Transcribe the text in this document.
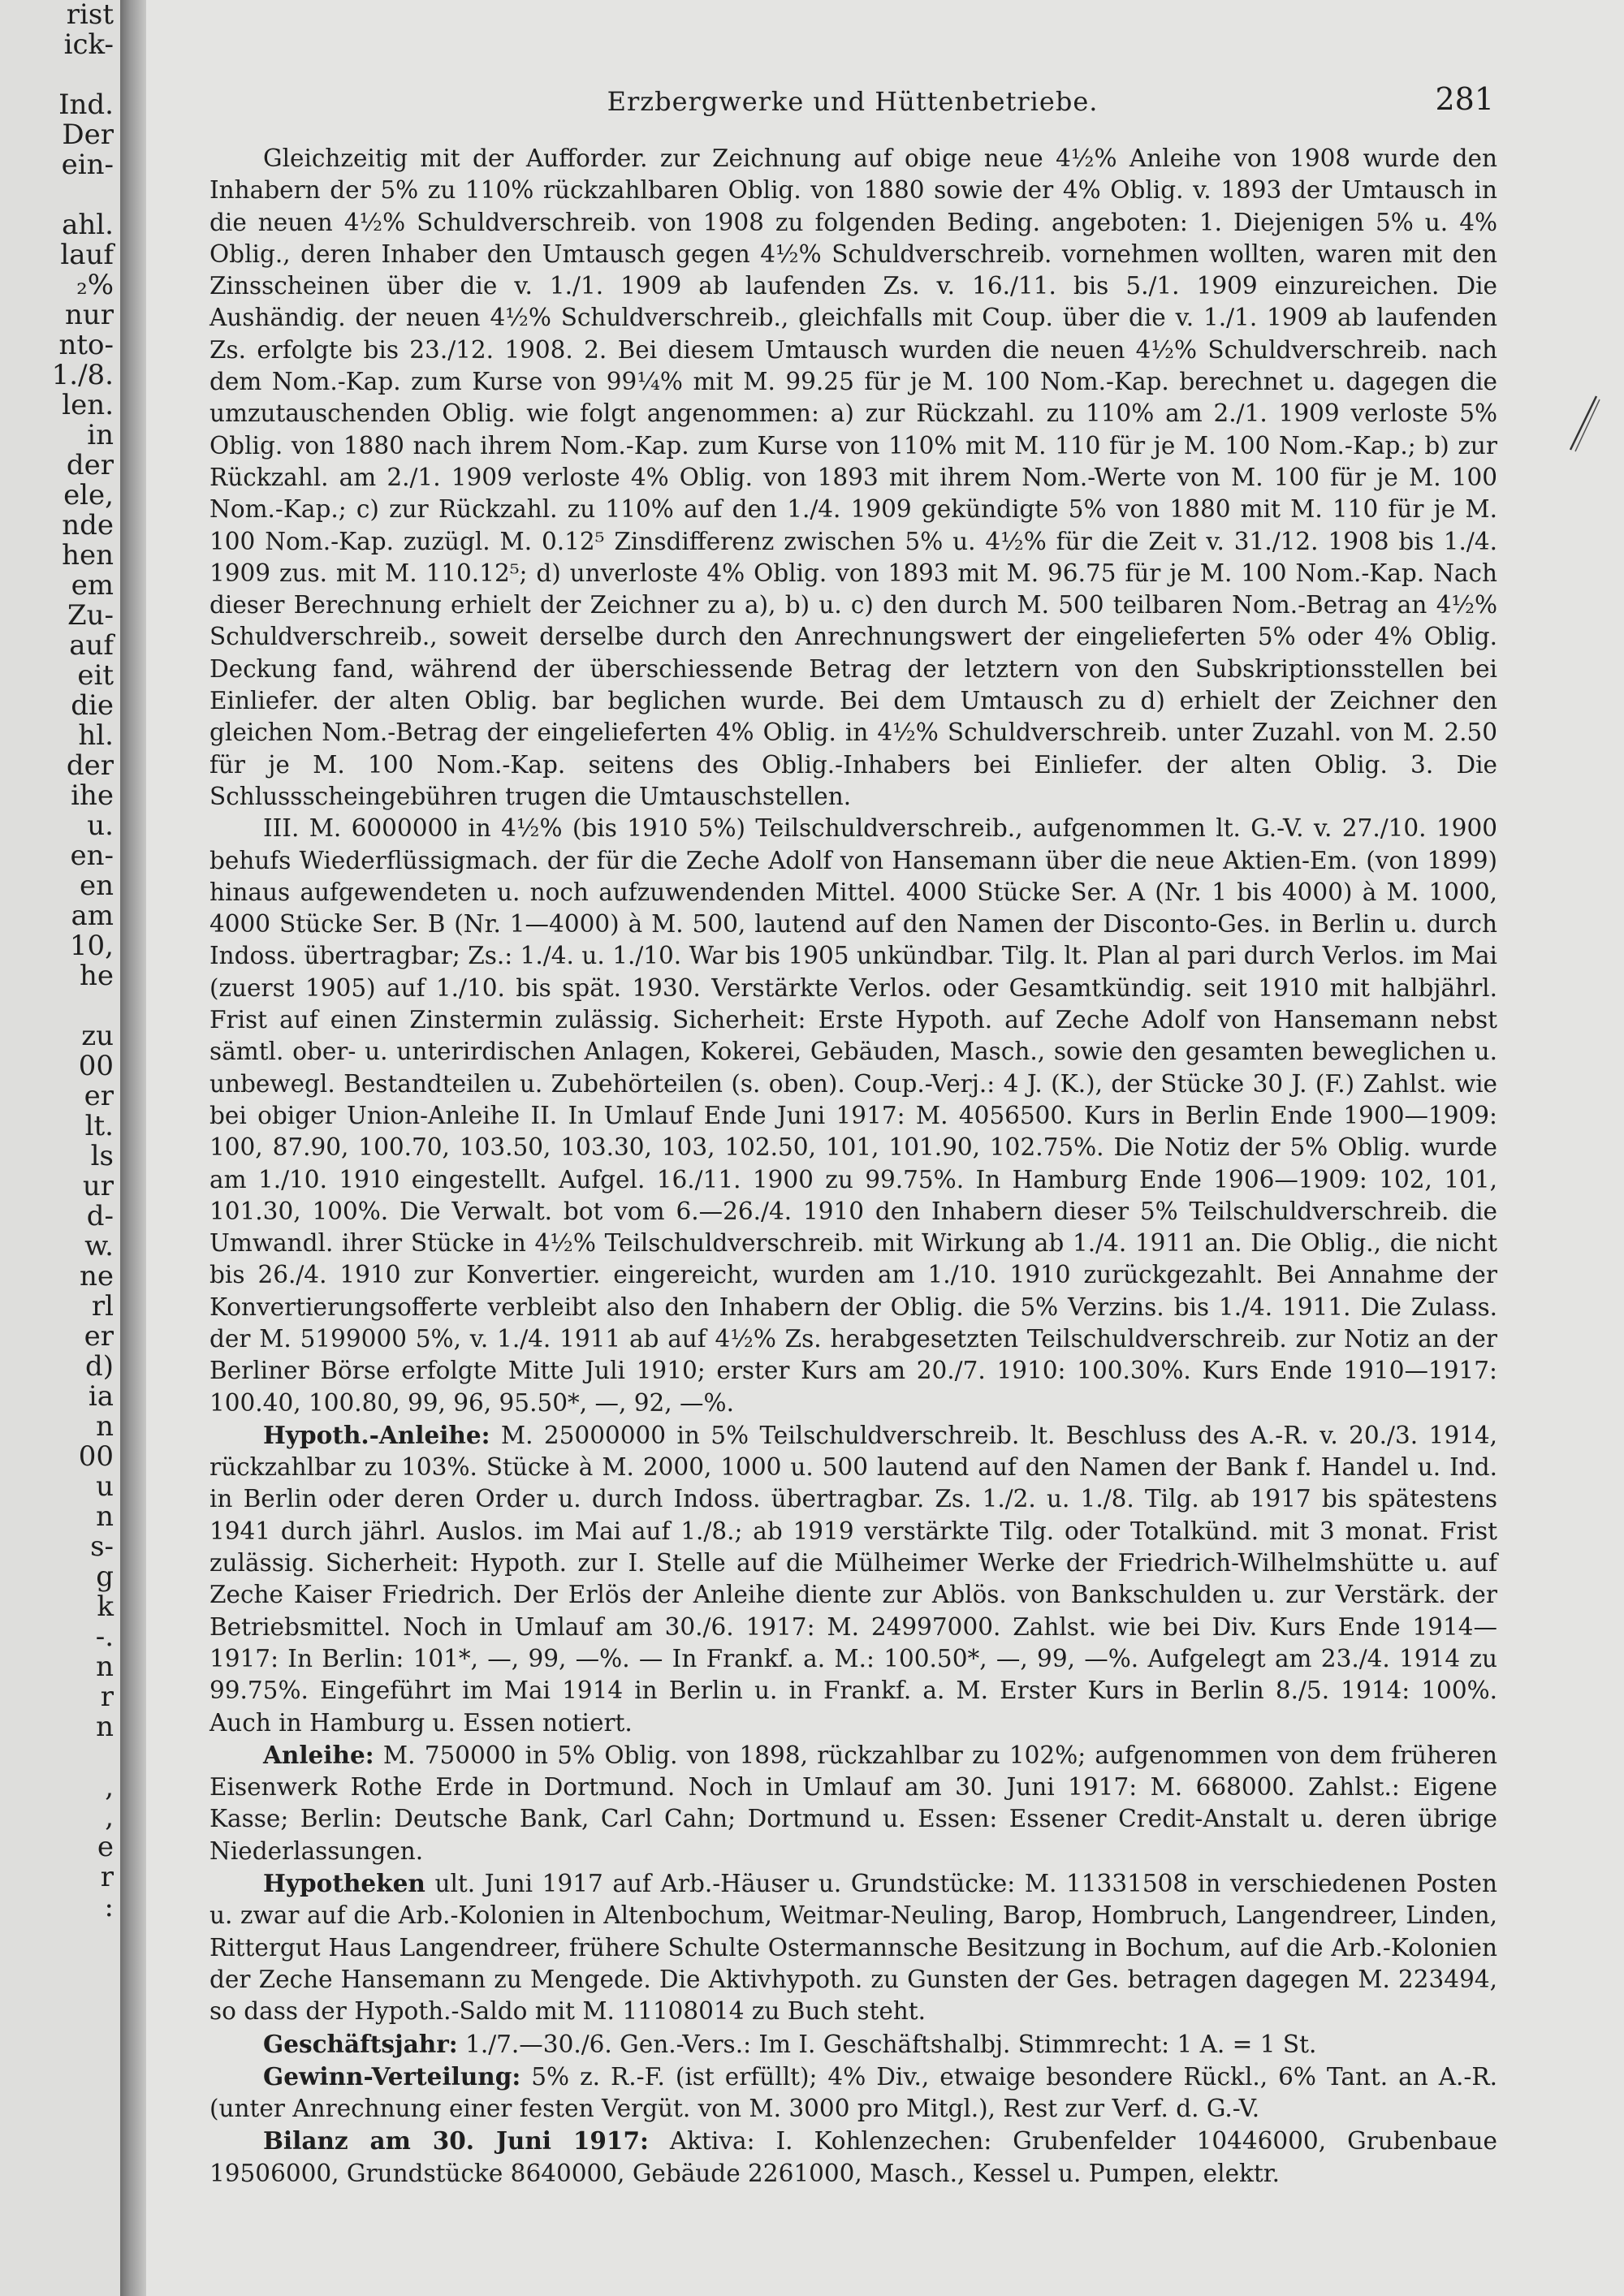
rist
ick-

Ind.
Der
ein-

ahl.
lauf
₂%
nur
nto-
1./8.
len.
in
der
ele,
nde
hen
em
Zu-
auf
eit
die
hl.
der
ihe
u.
en-
en
am
10,
he

zu
00
er
lt.
ls
ur
d-
w.
ne
rl
er
d)
ia
n
00
u
n
s-
g
k
-.
n
r
n

,
,
e
r
:
Erzbergwerke und Hüttenbetriebe.	281

Gleichzeitig mit der Aufforder. zur Zeichnung auf obige neue 4½% Anleihe von 1908 wurde den Inhabern der 5% zu 110% rückzahlbaren Oblig. von 1880 sowie der 4% Oblig. v. 1893 der Umtausch in die neuen 4½% Schuldverschreib. von 1908 zu folgenden Beding. angeboten: 1. Diejenigen 5% u. 4% Oblig., deren Inhaber den Umtausch gegen 4½% Schuldverschreib. vornehmen wollten, waren mit den Zinsscheinen über die v. 1./1. 1909 ab laufenden Zs. v. 16./11. bis 5./1. 1909 einzureichen. Die Aushändig. der neuen 4½% Schuldverschreib., gleichfalls mit Coup. über die v. 1./1. 1909 ab laufenden Zs. erfolgte bis 23./12. 1908. 2. Bei diesem Umtausch wurden die neuen 4½% Schuldverschreib. nach dem Nom.-Kap. zum Kurse von 99¼% mit M. 99.25 für je M. 100 Nom.-Kap. berechnet u. dagegen die umzutauschenden Oblig. wie folgt angenommen: a) zur Rückzahl. zu 110% am 2./1. 1909 verloste 5% Oblig. von 1880 nach ihrem Nom.-Kap. zum Kurse von 110% mit M. 110 für je M. 100 Nom.-Kap.; b) zur Rückzahl. am 2./1. 1909 verloste 4% Oblig. von 1893 mit ihrem Nom.-Werte von M. 100 für je M. 100 Nom.-Kap.; c) zur Rückzahl. zu 110% auf den 1./4. 1909 gekündigte 5% von 1880 mit M. 110 für je M. 100 Nom.-Kap. zuzügl. M. 0.12⁵ Zinsdifferenz zwischen 5% u. 4½% für die Zeit v. 31./12. 1908 bis 1./4. 1909 zus. mit M. 110.12⁵; d) unverloste 4% Oblig. von 1893 mit M. 96.75 für je M. 100 Nom.-Kap. Nach dieser Berechnung erhielt der Zeichner zu a), b) u. c) den durch M. 500 teilbaren Nom.-Betrag an 4½% Schuldverschreib., soweit derselbe durch den Anrechnungswert der eingelieferten 5% oder 4% Oblig. Deckung fand, während der überschiessende Betrag der letztern von den Subskriptionsstellen bei Einliefer. der alten Oblig. bar beglichen wurde. Bei dem Umtausch zu d) erhielt der Zeichner den gleichen Nom.-Betrag der eingelieferten 4% Oblig. in 4½% Schuldverschreib. unter Zuzahl. von M. 2.50 für je M. 100 Nom.-Kap. seitens des Oblig.-Inhabers bei Einliefer. der alten Oblig. 3. Die Schlussscheingebühren trugen die Umtauschstellen.

III. M. 6000000 in 4½% (bis 1910 5%) Teilschuldverschreib., aufgenommen lt. G.-V. v. 27./10. 1900 behufs Wiederflüssigmach. der für die Zeche Adolf von Hansemann über die neue Aktien-Em. (von 1899) hinaus aufgewendeten u. noch aufzuwendenden Mittel. 4000 Stücke Ser. A (Nr. 1 bis 4000) à M. 1000, 4000 Stücke Ser. B (Nr. 1—4000) à M. 500, lautend auf den Namen der Disconto-Ges. in Berlin u. durch Indoss. übertragbar; Zs.: 1./4. u. 1./10. War bis 1905 unkündbar. Tilg. lt. Plan al pari durch Verlos. im Mai (zuerst 1905) auf 1./10. bis spät. 1930. Verstärkte Verlos. oder Gesamtkündig. seit 1910 mit halbjährl. Frist auf einen Zinstermin zulässig. Sicherheit: Erste Hypoth. auf Zeche Adolf von Hansemann nebst sämtl. ober- u. unterirdischen Anlagen, Kokerei, Gebäuden, Masch., sowie den gesamten beweglichen u. unbewegl. Bestandteilen u. Zubehörteilen (s. oben). Coup.-Verj.: 4 J. (K.), der Stücke 30 J. (F.) Zahlst. wie bei obiger Union-Anleihe II. In Umlauf Ende Juni 1917: M. 4056500. Kurs in Berlin Ende 1900—1909: 100, 87.90, 100.70, 103.50, 103.30, 103, 102.50, 101, 101.90, 102.75%. Die Notiz der 5% Oblig. wurde am 1./10. 1910 eingestellt. Aufgel. 16./11. 1900 zu 99.75%. In Hamburg Ende 1906—1909: 102, 101, 101.30, 100%. Die Verwalt. bot vom 6.—26./4. 1910 den Inhabern dieser 5% Teilschuldverschreib. die Umwandl. ihrer Stücke in 4½% Teilschuldverschreib. mit Wirkung ab 1./4. 1911 an. Die Oblig., die nicht bis 26./4. 1910 zur Konvertier. eingereicht, wurden am 1./10. 1910 zurückgezahlt. Bei Annahme der Konvertierungsofferte verbleibt also den Inhabern der Oblig. die 5% Verzins. bis 1./4. 1911. Die Zulass. der M. 5199000 5%, v. 1./4. 1911 ab auf 4½% Zs. herabgesetzten Teilschuldverschreib. zur Notiz an der Berliner Börse erfolgte Mitte Juli 1910; erster Kurs am 20./7. 1910: 100.30%. Kurs Ende 1910—1917: 100.40, 100.80, 99, 96, 95.50*, —, 92, —%.

Hypoth.-Anleihe: M. 25000000 in 5% Teilschuldverschreib. lt. Beschluss des A.-R. v. 20./3. 1914, rückzahlbar zu 103%. Stücke à M. 2000, 1000 u. 500 lautend auf den Namen der Bank f. Handel u. Ind. in Berlin oder deren Order u. durch Indoss. übertragbar. Zs. 1./2. u. 1./8. Tilg. ab 1917 bis spätestens 1941 durch jährl. Auslos. im Mai auf 1./8.; ab 1919 verstärkte Tilg. oder Totalkünd. mit 3 monat. Frist zulässig. Sicherheit: Hypoth. zur I. Stelle auf die Mülheimer Werke der Friedrich-Wilhelmshütte u. auf Zeche Kaiser Friedrich. Der Erlös der Anleihe diente zur Ablös. von Bankschulden u. zur Verstärk. der Betriebsmittel. Noch in Umlauf am 30./6. 1917: M. 24997000. Zahlst. wie bei Div. Kurs Ende 1914—1917: In Berlin: 101*, —, 99, —%. — In Frankf. a. M.: 100.50*, —, 99, —%. Aufgelegt am 23./4. 1914 zu 99.75%. Eingeführt im Mai 1914 in Berlin u. in Frankf. a. M. Erster Kurs in Berlin 8./5. 1914: 100%. Auch in Hamburg u. Essen notiert.

Anleihe: M. 750000 in 5% Oblig. von 1898, rückzahlbar zu 102%; aufgenommen von dem früheren Eisenwerk Rothe Erde in Dortmund. Noch in Umlauf am 30. Juni 1917: M. 668000. Zahlst.: Eigene Kasse; Berlin: Deutsche Bank, Carl Cahn; Dortmund u. Essen: Essener Credit-Anstalt u. deren übrige Niederlassungen.

Hypotheken ult. Juni 1917 auf Arb.-Häuser u. Grundstücke: M. 11331508 in verschiedenen Posten u. zwar auf die Arb.-Kolonien in Altenbochum, Weitmar-Neuling, Barop, Hombruch, Langendreer, Linden, Rittergut Haus Langendreer, frühere Schulte Ostermannsche Besitzung in Bochum, auf die Arb.-Kolonien der Zeche Hansemann zu Mengede. Die Aktivhypoth. zu Gunsten der Ges. betragen dagegen M. 223494, so dass der Hypoth.-Saldo mit M. 11108014 zu Buch steht.

Geschäftsjahr: 1./7.—30./6. Gen.-Vers.: Im I. Geschäftshalbj. Stimmrecht: 1 A. = 1 St.

Gewinn-Verteilung: 5% z. R.-F. (ist erfüllt); 4% Div., etwaige besondere Rückl., 6% Tant. an A.-R. (unter Anrechnung einer festen Vergüt. von M. 3000 pro Mitgl.), Rest zur Verf. d. G.-V.

Bilanz am 30. Juni 1917: Aktiva: I. Kohlenzechen: Grubenfelder 10446000, Grubenbaue 19506000, Grundstücke 8640000, Gebäude 2261000, Masch., Kessel u. Pumpen, elektr.
